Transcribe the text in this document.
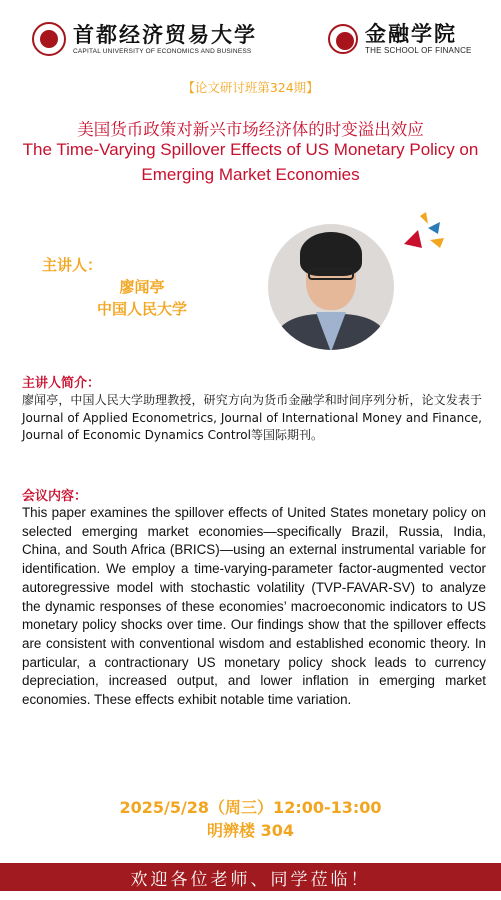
首都经济贸易大学
CAPITAL UNIVERSITY OF ECONOMICS AND BUSINESS
金融学院
THE SCHOOL OF FINANCE
【论文研讨班第324期】
美国货币政策对新兴市场经济体的时变溢出效应
The Time-Varying Spillover Effects of US Monetary Policy on Emerging Market Economies
主讲人：
廖闻亭
中国人民大学
主讲人简介：
廖闻亭，中国人民大学助理教授，研究方向为货币金融学和时间序列分析，论文发表于Journal of Applied Econometrics, Journal of International Money and Finance, Journal of Economic Dynamics Control等国际期刊。
会议内容：
This paper examines the spillover effects of United States monetary policy on selected emerging market economies—specifically Brazil, Russia, India, China, and South Africa (BRICS)—using an external instrumental variable for identification. We employ a time-varying-parameter factor-augmented vector autoregressive model with stochastic volatility (TVP-FAVAR-SV) to analyze the dynamic responses of these economies’ macroeconomic indicators to US monetary policy shocks over time. Our findings show that the spillover effects are consistent with conventional wisdom and established economic theory. In particular, a contractionary US monetary policy shock leads to currency depreciation, increased output, and lower inflation in emerging market economies. These effects exhibit notable time variation.
2025/5/28（周三）12:00-13:00
明辨楼 304
欢迎各位老师、同学莅临！
